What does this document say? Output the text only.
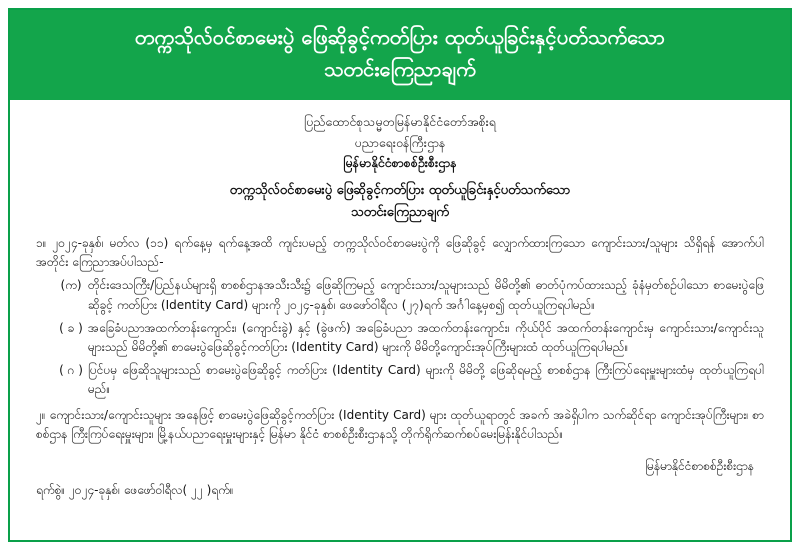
တက္ကသိုလ်ဝင်စာမေးပွဲ ဖြေဆိုခွင့်ကတ်ပြား ထုတ်ယူခြင်းနှင့်ပတ်သက်သော
သတင်းကြေညာချက်
ပြည်ထောင်စုသမ္မတမြန်မာနိုင်ငံတော်အစိုးရ
ပညာရေးဝန်ကြီးဌာန
မြန်မာနိုင်ငံစာစစ်ဦးစီးဌာန
တက္ကသိုလ်ဝင်စာမေးပွဲ ဖြေဆိုခွင့်ကတ်ပြား ထုတ်ယူခြင်းနှင့်ပတ်သက်သော
သတင်းကြေညာချက်
၁။ ၂၀၂၄-ခုနှစ်၊ မတ်လ (၁၁) ရက်နေ့မှ ရက်နေ့အထိ ကျင်းပမည့် တက္ကသိုလ်ဝင်စာမေးပွဲကို ဖြေဆိုခွင့် လျှောက်ထားကြသော ကျောင်းသား/သူများ သိရှိရန် အောက်ပါအတိုင်း ကြေညာအပ်ပါသည်-
(က) တိုင်းဒေသကြီး/ပြည်နယ်များရှိ စာစစ်ဌာနအသီးသီး၌ ဖြေဆိုကြမည့် ကျောင်းသား/သူများသည် မိမိတို့၏ ဓာတ်ပုံကပ်ထားသည့် ခုံနံမှတ်စဉ်ပါသော စာမေးပွဲဖြေဆိုခွင့် ကတ်ပြား (Identity Card) များကို ၂၀၂၄-ခုနှစ်၊ ဖေဖော်ဝါရီလ (၂၇)ရက် အင်္ဂါနေ့မှစ၍ ထုတ်ယူကြရပါမည်။
( ခ ) အခြေခံပညာအထက်တန်းကျောင်း၊ (ကျောင်းခွဲ) နှင့် (ခွဲဖက်) အခြေခံပညာ အထက်တန်းကျောင်း၊ ကိုယ်ပိုင် အထက်တန်းကျောင်းမှ ကျောင်းသား/ကျောင်းသူများသည် မိမိတို့၏ စာမေးပွဲဖြေဆိုခွင့်ကတ်ပြား (Identity Card) များကို မိမိတို့ကျောင်းအုပ်ကြီးများထံ ထုတ်ယူကြရပါမည်။
( ဂ ) ပြင်ပမှ ဖြေဆိုသူများသည် စာမေးပွဲဖြေဆိုခွင့် ကတ်ပြား (Identity Card) များကို မိမိတို့ ဖြေဆိုရမည့် စာစစ်ဌာန ကြီးကြပ်ရေးမှူးများထံမှ ထုတ်ယူကြရပါမည်။
၂။ ကျောင်းသား/ကျောင်းသူများ အနေဖြင့် စာမေးပွဲဖြေဆိုခွင့်ကတ်ပြား (Identity Card) များ ထုတ်ယူရာတွင် အခက် အခဲရှိပါက သက်ဆိုင်ရာ ကျောင်းအုပ်ကြီးများ၊ စာစစ်ဌာန ကြီးကြပ်ရေးမှူးများ၊ မြို့နယ်ပညာရေးမှူးများနှင့် မြန်မာ နိုင်ငံ စာစစ်ဦးစီးဌာနသို့ တိုက်ရိုက်ဆက်စပ်မေးမြန်းနိုင်ပါသည်။
မြန်မာနိုင်ငံစာစစ်ဦးစီးဌာန
ရက်စွဲ။ ၂၀၂၄-ခုနှစ်၊ ဖေဖော်ဝါရီလ( ၂၂ )ရက်။
